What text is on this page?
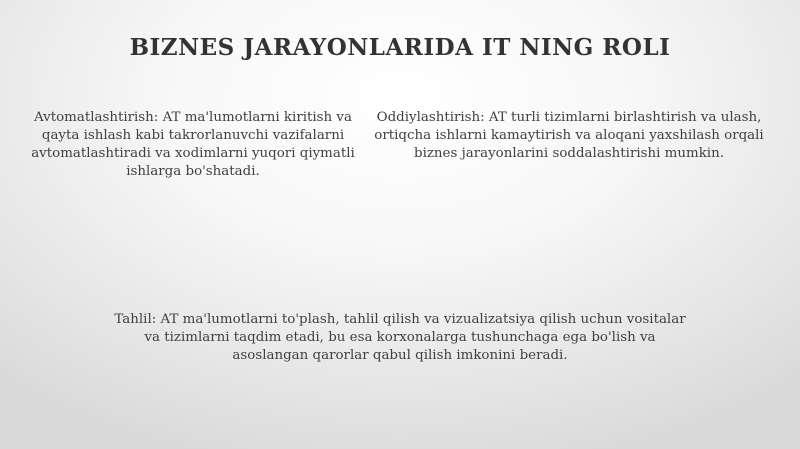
BIZNES JARAYONLARIDA IT NING ROLI
Avtomatlashtirish: AT ma'lumotlarni kiritish va qayta ishlash kabi takrorlanuvchi vazifalarni avtomatlashtiradi va xodimlarni yuqori qiymatli ishlarga bo'shatadi.
Oddiylashtirish: AT turli tizimlarni birlashtirish va ulash, ortiqcha ishlarni kamaytirish va aloqani yaxshilash orqali biznes jarayonlarini soddalashtirishi mumkin.
Tahlil: AT ma'lumotlarni to'plash, tahlil qilish va vizualizatsiya qilish uchun vositalar va tizimlarni taqdim etadi, bu esa korxonalarga tushunchaga ega bo'lish va asoslangan qarorlar qabul qilish imkonini beradi.
